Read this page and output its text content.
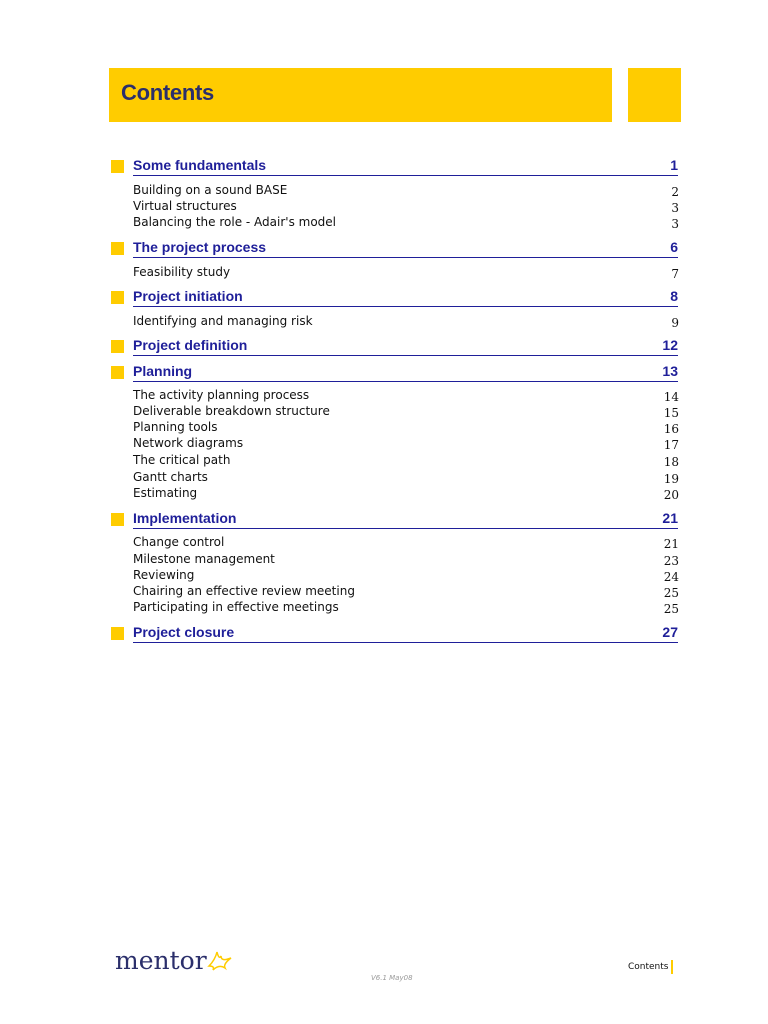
Contents
Some fundamentals	1
Building on a sound BASE	2
Virtual structures	3
Balancing the role - Adair's model	3
The project process	6
Feasibility study	7
Project initiation	8
Identifying and managing risk	9
Project definition	12
Planning	13
The activity planning process	14
Deliverable breakdown structure	15
Planning tools	16
Network diagrams	17
The critical path	18
Gantt charts	19
Estimating	20
Implementation	21
Change control	21
Milestone management	23
Reviewing	24
Chairing an effective review meeting	25
Participating in effective meetings	25
Project closure	27
mentor
V6.1 May08
Contents
